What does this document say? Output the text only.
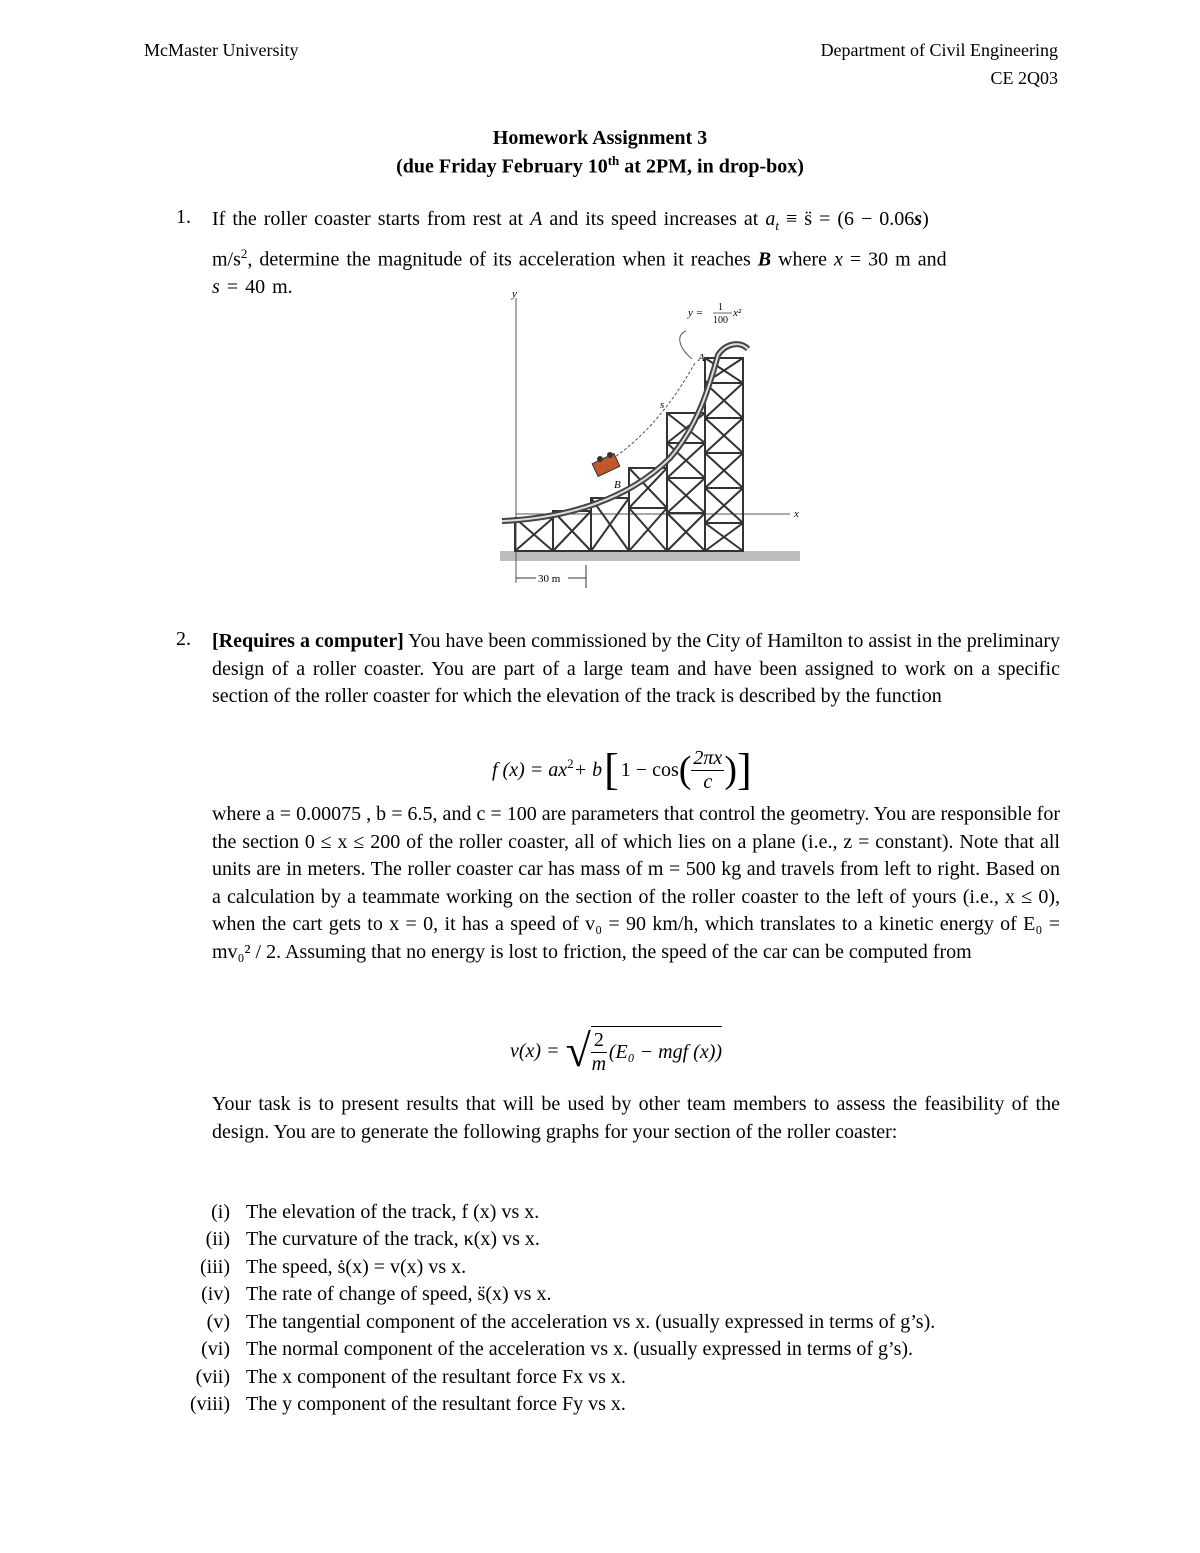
McMaster University	Department of Civil Engineering
CE 2Q03
Homework Assignment 3
(due Friday February 10th at 2PM, in drop-box)
1. If the roller coaster starts from rest at A and its speed increases at $a_t$ ≡ s̈ = (6 − 0.06s)
$m/s^2$, determine the magnitude of its acceleration when it reaches B where x = 30 m and
s = 40 m.	y
x
s
B
A
y = 1
100
x²
30 m
2. [Requires a computer] You have been commissioned by the City of Hamilton to assist in the preliminary design of a roller coaster. You are part of a large team and have been assigned to work on a specific section of the roller coaster for which the elevation of the track is described by the function
f $(x) = ax^2 + b$ [ 1 − cos ( 2πx
c ) ]
where a = 0.00075 , b = 6.5, and c = 100 are parameters that control the geometry. You are responsible for the section 0 ≤ x ≤ 200 of the roller coaster, all of which lies on a plane (i.e., z = constant). Note that all units are in meters. The roller coaster car has mass of m = 500 kg and travels from left to right. Based on a calculation by a teammate working on the section of the roller coaster to the left of yours (i.e., x ≤ 0), when the cart gets to x = 0, it has a speed of v₀ = 90 km/h, which translates to a kinetic energy of E₀ = mv₀² / 2. Assuming that no energy is lost to friction, the speed of the car can be computed from
v(x) = √ 2
m
(E₀ − mgf (x))
Your task is to present results that will be used by other team members to assess the feasibility of the design. You are to generate the following graphs for your section of the roller coaster:
(i) The elevation of the track, f (x) vs x.
(ii) The curvature of the track, κ(x) vs x.
(iii) The speed, ṡ(x) = v(x) vs x.
(iv) The rate of change of speed, s̈(x) vs x.
(v) The tangential component of the acceleration vs x. (usually expressed in terms of g’s).
(vi) The normal component of the acceleration vs x. (usually expressed in terms of g’s).
(vii) The x component of the resultant force Fx vs x.
(viii) The y component of the resultant force Fy vs x.
